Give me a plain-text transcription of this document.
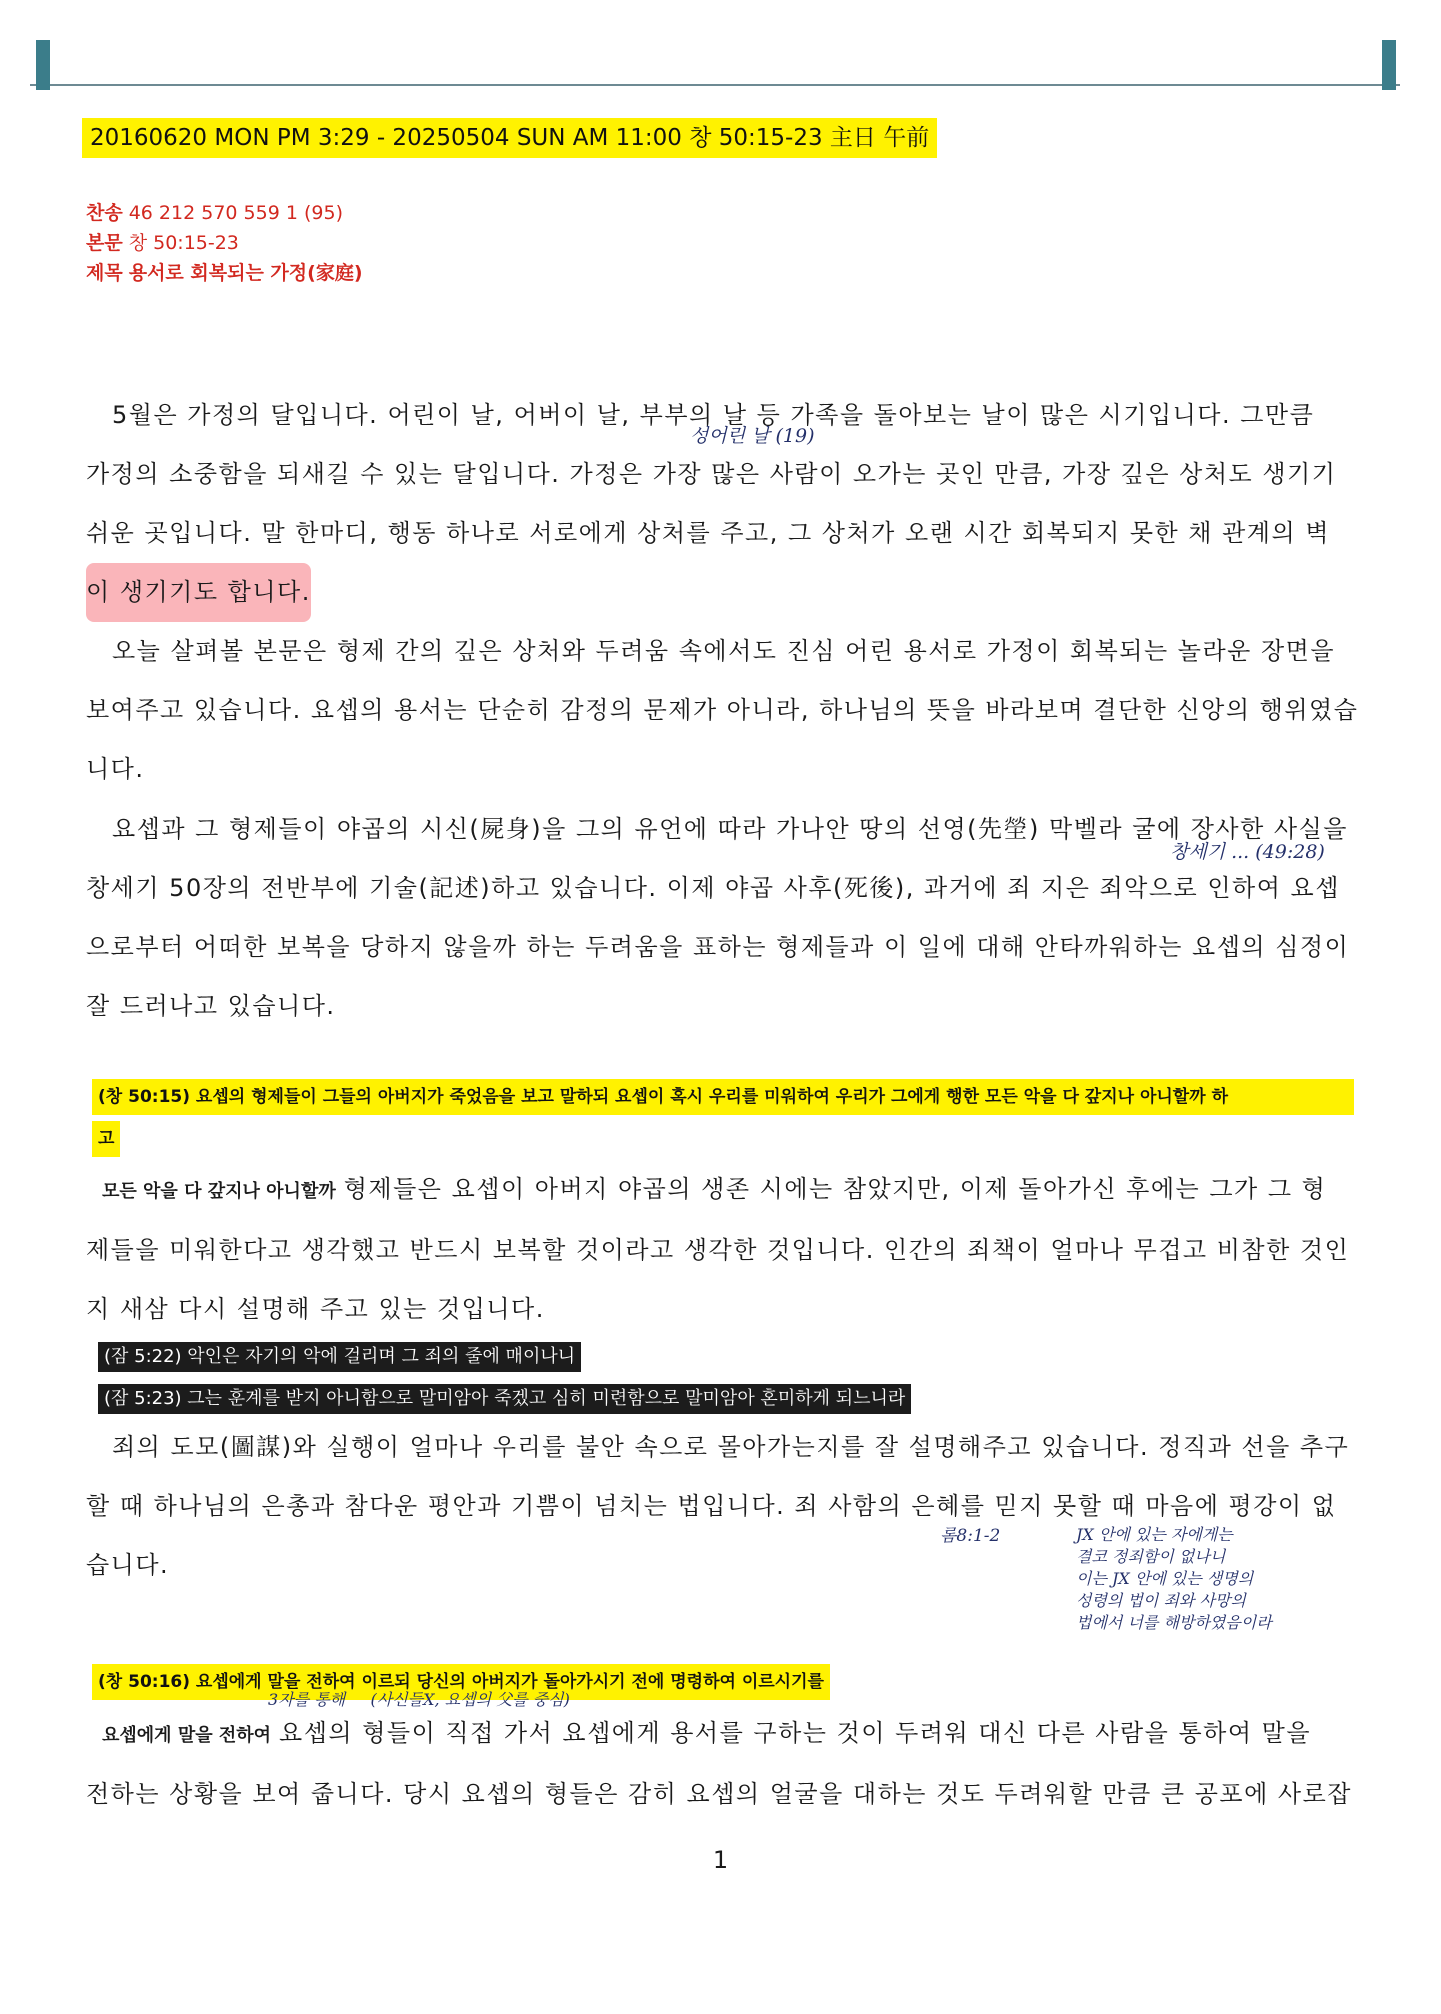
20160620 MON PM 3:29 - 20250504 SUN AM 11:00 창 50:15-23 主日 午前
찬송 46 212 570 559 1 (95)
본문 창 50:15-23
제목 용서로 회복되는 가정(家庭)
5월은 가정의 달입니다. 어린이 날, 어버이 날, 부부의 날 등 가족을 돌아보는 날이 많은 시기입니다. 그만큼
가정의 소중함을 되새길 수 있는 달입니다. 가정은 가장 많은 사람이 오가는 곳인 만큼, 가장 깊은 상처도 생기기
쉬운 곳입니다. 말 한마디, 행동 하나로 서로에게 상처를 주고, 그 상처가 오랜 시간 회복되지 못한 채 관계의 벽
이 생기기도 합니다.
오늘 살펴볼 본문은 형제 간의 깊은 상처와 두려움 속에서도 진심 어린 용서로 가정이 회복되는 놀라운 장면을
보여주고 있습니다. 요셉의 용서는 단순히 감정의 문제가 아니라, 하나님의 뜻을 바라보며 결단한 신앙의 행위였습
니다.
요셉과 그 형제들이 야곱의 시신(屍身)을 그의 유언에 따라 가나안 땅의 선영(先塋) 막벨라 굴에 장사한 사실을
창세기 50장의 전반부에 기술(記述)하고 있습니다. 이제 야곱 사후(死後), 과거에 죄 지은 죄악으로 인하여 요셉
으로부터 어떠한 보복을 당하지 않을까 하는 두려움을 표하는 형제들과 이 일에 대해 안타까워하는 요셉의 심정이
잘 드러나고 있습니다.
(창 50:15) 요셉의 형제들이 그들의 아버지가 죽었음을 보고 말하되 요셉이 혹시 우리를 미워하여 우리가 그에게 행한 모든 악을 다 갚지나 아니할까 하
고
모든 악을 다 갚지나 아니할까 형제들은 요셉이 아버지 야곱의 생존 시에는 참았지만, 이제 돌아가신 후에는 그가 그 형
제들을 미워한다고 생각했고 반드시 보복할 것이라고 생각한 것입니다. 인간의 죄책이 얼마나 무겁고 비참한 것인
지 새삼 다시 설명해 주고 있는 것입니다.
(잠 5:22) 악인은 자기의 악에 걸리며 그 죄의 줄에 매이나니
(잠 5:23) 그는 훈계를 받지 아니함으로 말미암아 죽겠고 심히 미련함으로 말미암아 혼미하게 되느니라
죄의 도모(圖謀)와 실행이 얼마나 우리를 불안 속으로 몰아가는지를 잘 설명해주고 있습니다. 정직과 선을 추구
할 때 하나님의 은총과 참다운 평안과 기쁨이 넘치는 법입니다. 죄 사함의 은혜를 믿지 못할 때 마음에 평강이 없
습니다.
(창 50:16) 요셉에게 말을 전하여 이르되 당신의 아버지가 돌아가시기 전에 명령하여 이르시기를
요셉에게 말을 전하여 요셉의 형들이 직접 가서 요셉에게 용서를 구하는 것이 두려워 대신 다른 사람을 통하여 말을
전하는 상황을 보여 줍니다. 당시 요셉의 형들은 감히 요셉의 얼굴을 대하는 것도 두려워할 만큼 큰 공포에 사로잡
성어린 날 (19)
창세기 ... (49:28)
롬8:1-2	JX 안에 있는 자에게는
결코 정죄함이 없나니
이는 JX 안에 있는 생명의
성령의 법이 죄와 사망의
법에서 너를 해방하였음이라
3자를 통해     (사신들X, 요셉의 父를 중심)
1
